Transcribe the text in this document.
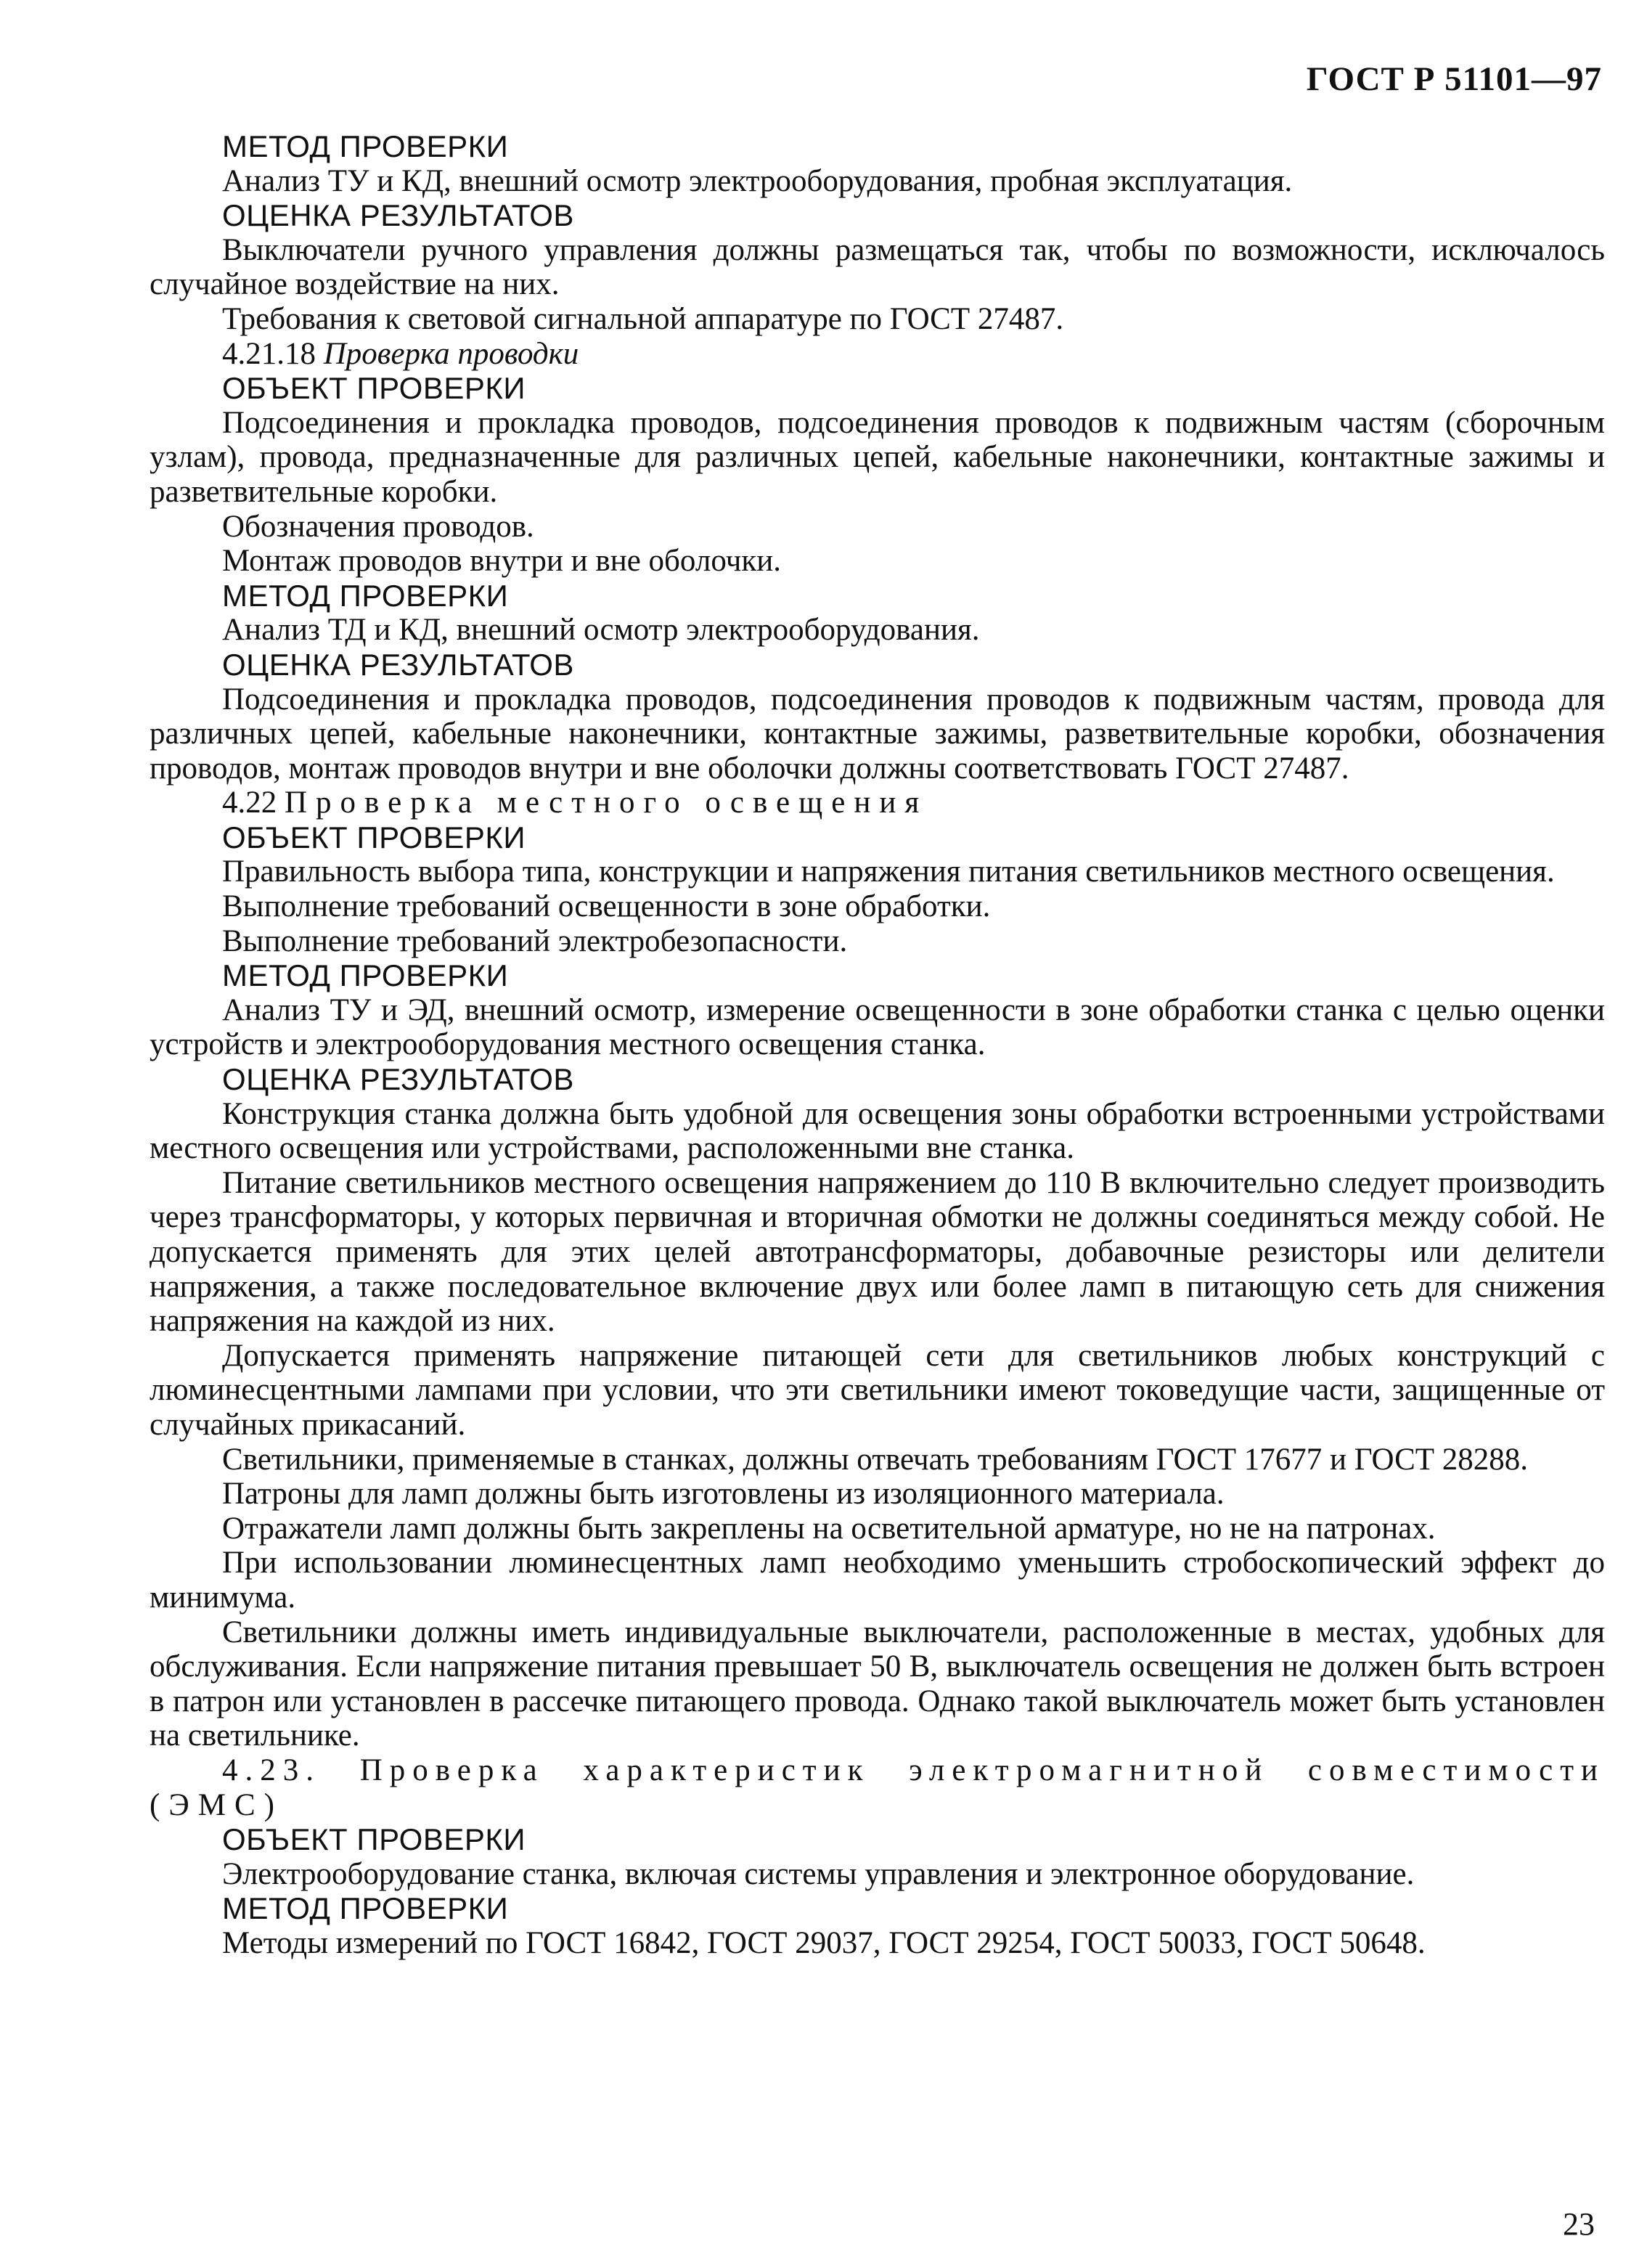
ГОСТ Р 51101—97
МЕТОД ПРОВЕРКИ
Анализ ТУ и КД, внешний осмотр электрооборудования, пробная эксплуатация.
ОЦЕНКА РЕЗУЛЬТАТОВ
Выключатели ручного управления должны размещаться так, чтобы по возможности, исключалось случайное воздействие на них.
Требования к световой сигнальной аппаратуре по ГОСТ 27487.
4.21.18 Проверка проводки
ОБЪЕКТ ПРОВЕРКИ
Подсоединения и прокладка проводов, подсоединения проводов к подвижным частям (сборочным узлам), провода, предназначенные для различных цепей, кабельные наконечники, контактные зажимы и разветвительные коробки.
Обозначения проводов.
Монтаж проводов внутри и вне оболочки.
МЕТОД ПРОВЕРКИ
Анализ ТД и КД, внешний осмотр электрооборудования.
ОЦЕНКА РЕЗУЛЬТАТОВ
Подсоединения и прокладка проводов, подсоединения проводов к подвижным частям, провода для различных цепей, кабельные наконечники, контактные зажимы, разветвительные коробки, обозначения проводов, монтаж проводов внутри и вне оболочки должны соответствовать ГОСТ 27487.
4.22 Проверка местного освещения
ОБЪЕКТ ПРОВЕРКИ
Правильность выбора типа, конструкции и напряжения питания светильников местного освещения.
Выполнение требований освещенности в зоне обработки.
Выполнение требований электробезопасности.
МЕТОД ПРОВЕРКИ
Анализ ТУ и ЭД, внешний осмотр, измерение освещенности в зоне обработки станка с целью оценки устройств и электрооборудования местного освещения станка.
ОЦЕНКА РЕЗУЛЬТАТОВ
Конструкция станка должна быть удобной для освещения зоны обработки встроенными устройствами местного освещения или устройствами, расположенными вне станка.
Питание светильников местного освещения напряжением до 110 В включительно следует производить через трансформаторы, у которых первичная и вторичная обмотки не должны соединяться между собой. Не допускается применять для этих целей автотрансформаторы, добавочные резисторы или делители напряжения, а также последовательное включение двух или более ламп в питающую сеть для снижения напряжения на каждой из них.
Допускается применять напряжение питающей сети для светильников любых конструкций с люминесцентными лампами при условии, что эти светильники имеют токоведущие части, защищенные от случайных прикасаний.
Светильники, применяемые в станках, должны отвечать требованиям ГОСТ 17677 и ГОСТ 28288.
Патроны для ламп должны быть изготовлены из изоляционного материала.
Отражатели ламп должны быть закреплены на осветительной арматуре, но не на патронах.
При использовании люминесцентных ламп необходимо уменьшить стробоскопический эффект до минимума.
Светильники должны иметь индивидуальные выключатели, расположенные в местах, удобных для обслуживания. Если напряжение питания превышает 50 В, выключатель освещения не должен быть встроен в патрон или установлен в рассечке питающего провода. Однако такой выключатель может быть установлен на светильнике.
4.23. Проверка характеристик электромагнитной совместимости
(ЭМС)
ОБЪЕКТ ПРОВЕРКИ
Электрооборудование станка, включая системы управления и электронное оборудование.
МЕТОД ПРОВЕРКИ
Методы измерений по ГОСТ 16842, ГОСТ 29037, ГОСТ 29254, ГОСТ 50033, ГОСТ 50648.
23
